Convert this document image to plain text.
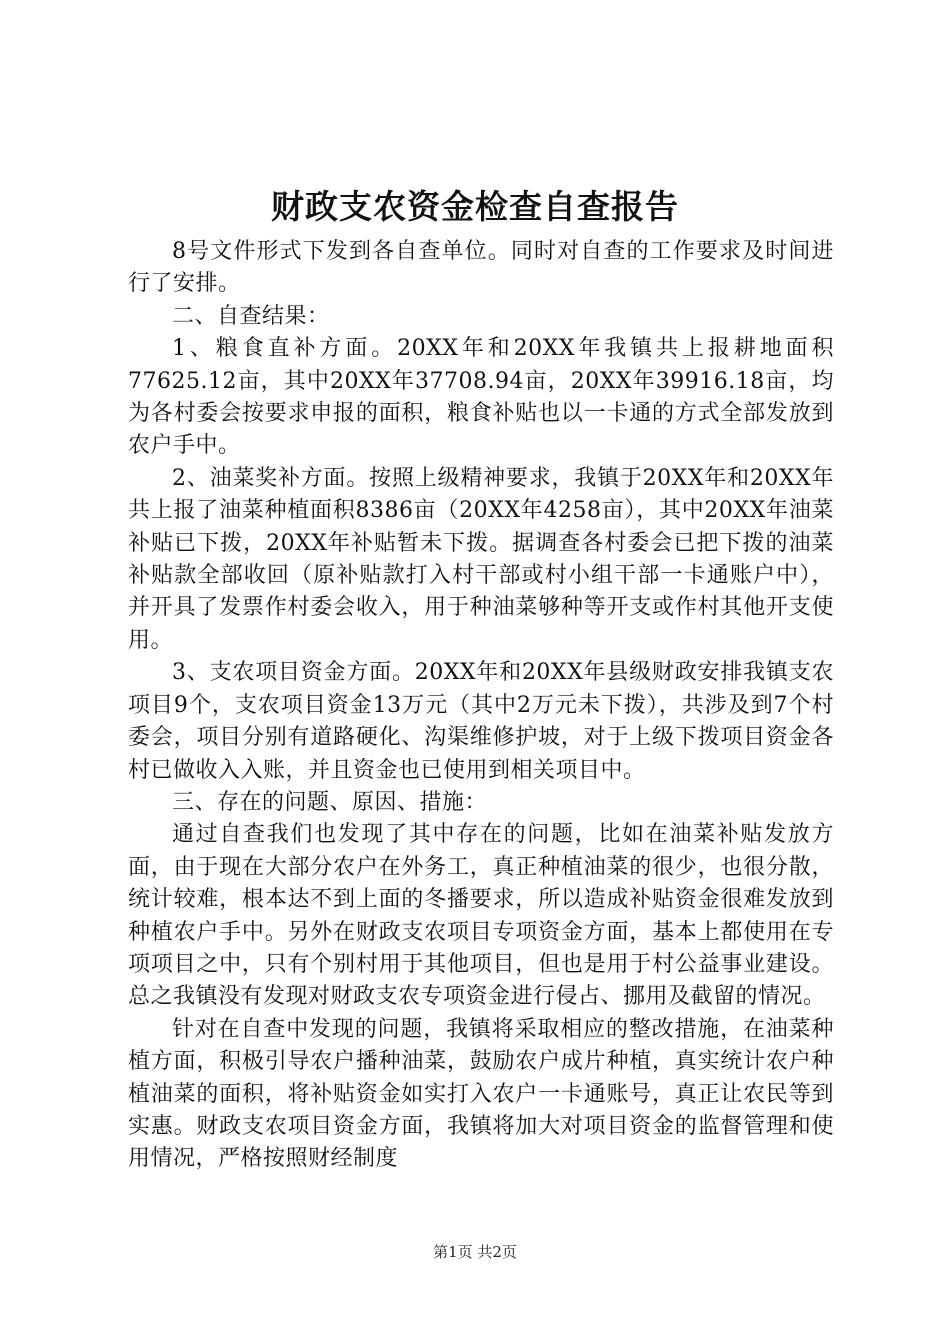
财政支农资金检查自查报告

8号文件形式下发到各自查单位。同时对自查的工作要求及时间进行了安排。

二、自查结果：

1、粮食直补方面。20XX年和20XX年我镇共上报耕地面积77625.12亩，其中20XX年37708.94亩，20XX年39916.18亩，均为各村委会按要求申报的面积，粮食补贴也以一卡通的方式全部发放到农户手中。

2、油菜奖补方面。按照上级精神要求，我镇于20XX年和20XX年共上报了油菜种植面积8386亩（20XX年4258亩），其中20XX年油菜补贴已下拨，20XX年补贴暂未下拨。据调查各村委会已把下拨的油菜补贴款全部收回（原补贴款打入村干部或村小组干部一卡通账户中），并开具了发票作村委会收入，用于种油菜够种等开支或作村其他开支使用。

3、支农项目资金方面。20XX年和20XX年县级财政安排我镇支农项目9个，支农项目资金13万元（其中2万元未下拨），共涉及到7个村委会，项目分别有道路硬化、沟渠维修护坡，对于上级下拨项目资金各村已做收入入账，并且资金也已使用到相关项目中。

三、存在的问题、原因、措施：

通过自查我们也发现了其中存在的问题，比如在油菜补贴发放方面，由于现在大部分农户在外务工，真正种植油菜的很少，也很分散，统计较难，根本达不到上面的冬播要求，所以造成补贴资金很难发放到种植农户手中。另外在财政支农项目专项资金方面，基本上都使用在专项项目之中，只有个别村用于其他项目，但也是用于村公益事业建设。总之我镇没有发现对财政支农专项资金进行侵占、挪用及截留的情况。

针对在自查中发现的问题，我镇将采取相应的整改措施，在油菜种植方面，积极引导农户播种油菜，鼓励农户成片种植，真实统计农户种植油菜的面积，将补贴资金如实打入农户一卡通账号，真正让农民等到实惠。财政支农项目资金方面，我镇将加大对项目资金的监督管理和使用情况，严格按照财经制度

第1页 共2页
